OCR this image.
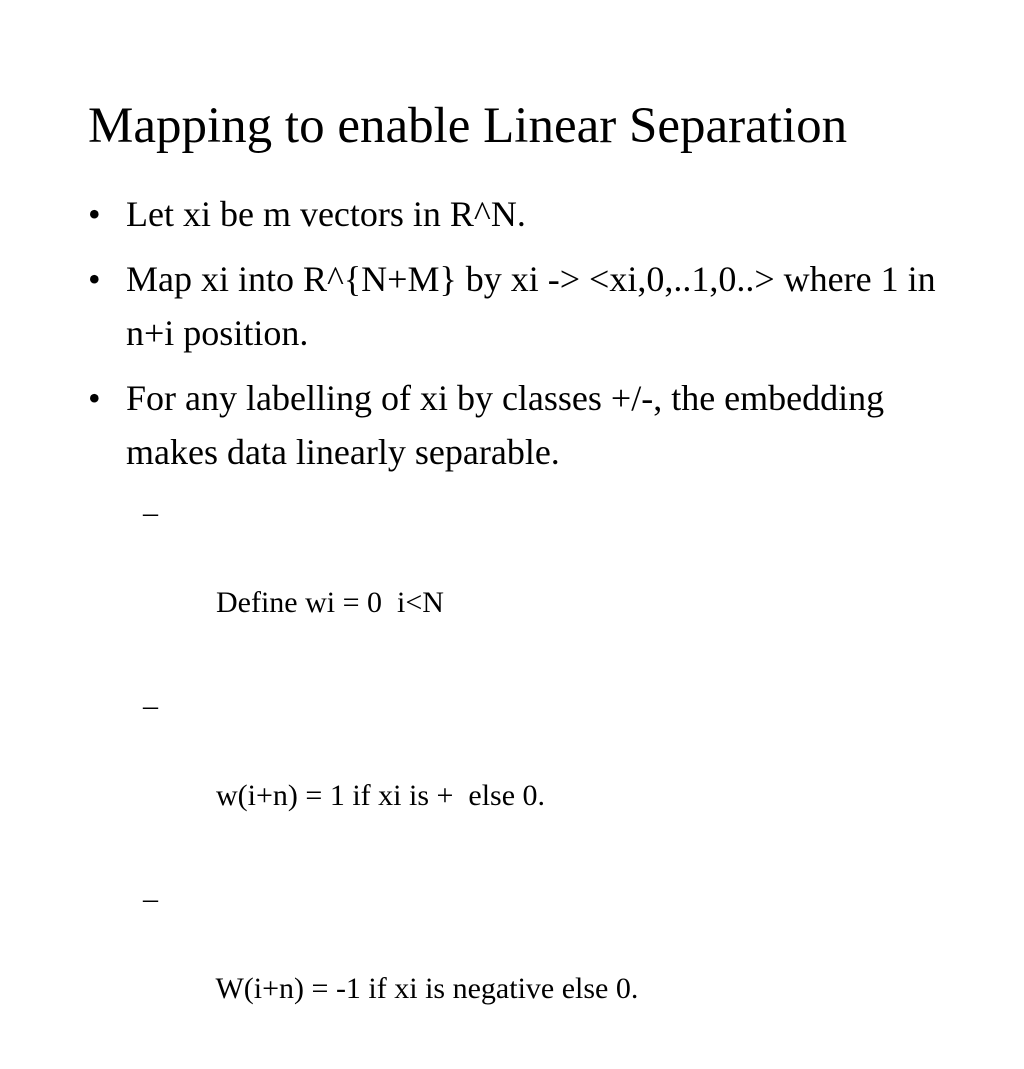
Mapping to enable Linear Separation
• Let xi be m vectors in R^N.
• Map xi into R^{N+M} by xi -> <xi,0,..1,0..> where 1 in n+i position.
• For any labelling of xi by classes +/-, the embedding makes data linearly separable.

–

Define wi = 0  i<N

–

w(i+n) = 1 if xi is +  else 0.

–

W(i+n) = -1 if xi is negative else 0.
